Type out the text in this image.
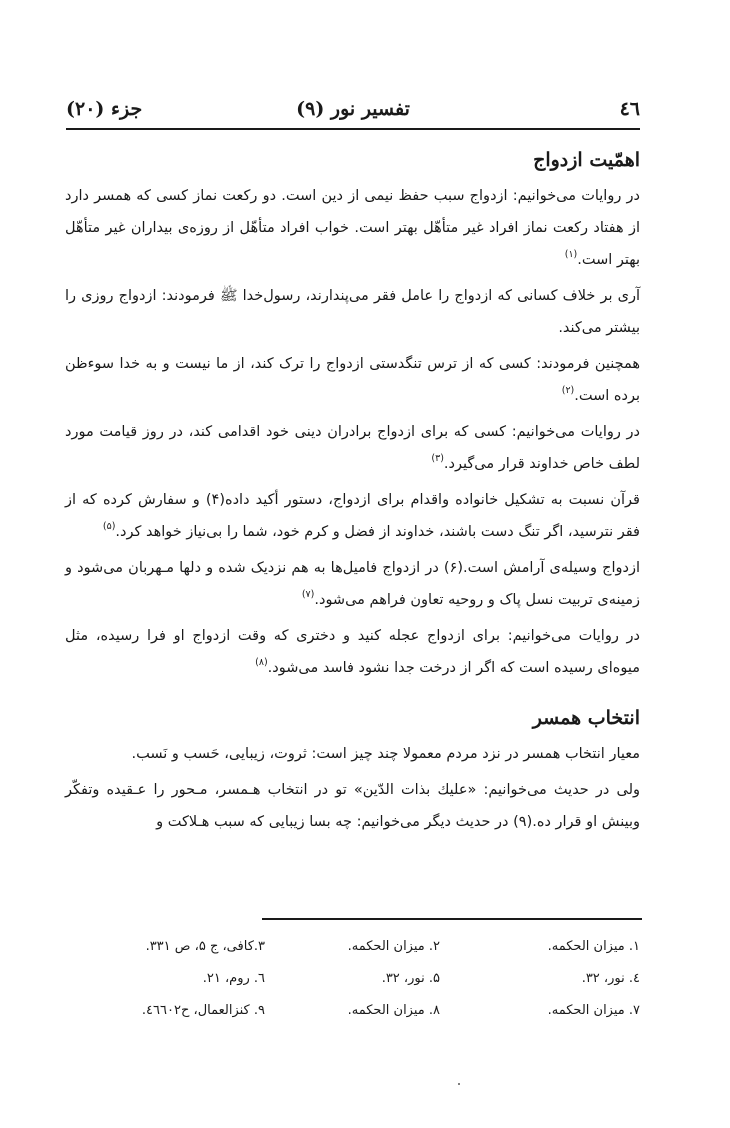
٤٦
تفسیر نور (۹)
جزء (۲۰)
اهمّیت ازدواج

در روایات می‌خوانیم: ازدواج سبب حفظ نیمی از دین است. دو رکعت نماز کسی که همسر دارد از هفتاد رکعت نماز افراد غیر متأهّل بهتر است. خواب افراد متأهّل از روزه‌ی بیداران غیر متأهّل بهتر است.$^{(۱)}$

آری بر خلاف کسانی که ازدواج را عامل فقر می‌پندارند، رسول‌خدا ﷺ فرمودند: ازدواج روزی را بیشتر می‌کند.

همچنین فرمودند: کسی که از ترس تنگدستی ازدواج را ترک کند، از ما نیست و به خدا سوءظن برده است.$^{(۲)}$

در روایات می‌خوانیم: کسی که برای ازدواج برادران دینی خود اقدامی کند، در روز قیامت مورد لطف خاص خداوند قرار می‌گیرد.$^{(۳)}$

قرآن نسبت به تشکیل خانواده واقدام برای ازدواج، دستور أکید داده(۴) و سفارش کرده که از فقر نترسید، اگر تنگ دست باشند، خداوند از فضل و کرم خود، شما را بی‌نیاز خواهد کرد.$^{(۵)}$

ازدواج وسیله‌ی آرامش است.(۶) در ازدواج فامیل‌ها به هم نزدیک شده و دلها مـهربان می‌شود و زمینه‌ی تربیت نسل پاک و روحیه تعاون فراهم می‌شود.$^{(۷)}$

در روایات می‌خوانیم: برای ازدواج عجله کنید و دختری که وقت ازدواج او فرا رسیده، مثل میوه‌ای رسیده است که اگر از درخت جدا نشود فاسد می‌شود.$^{(۸)}$

انتخاب همسر

معیار انتخاب همسر در نزد مردم معمولا چند چیز است: ثروت، زیبایی، حَسب و نَسب.

ولی در حدیث می‌خوانیم: «علیك بذات الدّین» تو در انتخاب هـمسر، مـحور را عـقیده وتفکّر وبینش او قرار ده.(۹) در حدیث دیگر می‌خوانیم: چه بسا زیبایی که سبب هـلاکت و

۱. میزان الحکمه.
۲. میزان الحکمه.
۳.کافی، ج ۵، ص ۳۳۱.
٤. نور، ۳۲.
۵. نور، ۳۲.
٦. روم، ۲۱.
۷. میزان الحکمه.
۸. میزان الحکمه.
۹. کنزالعمال، ح٤٦٦٠۲.
